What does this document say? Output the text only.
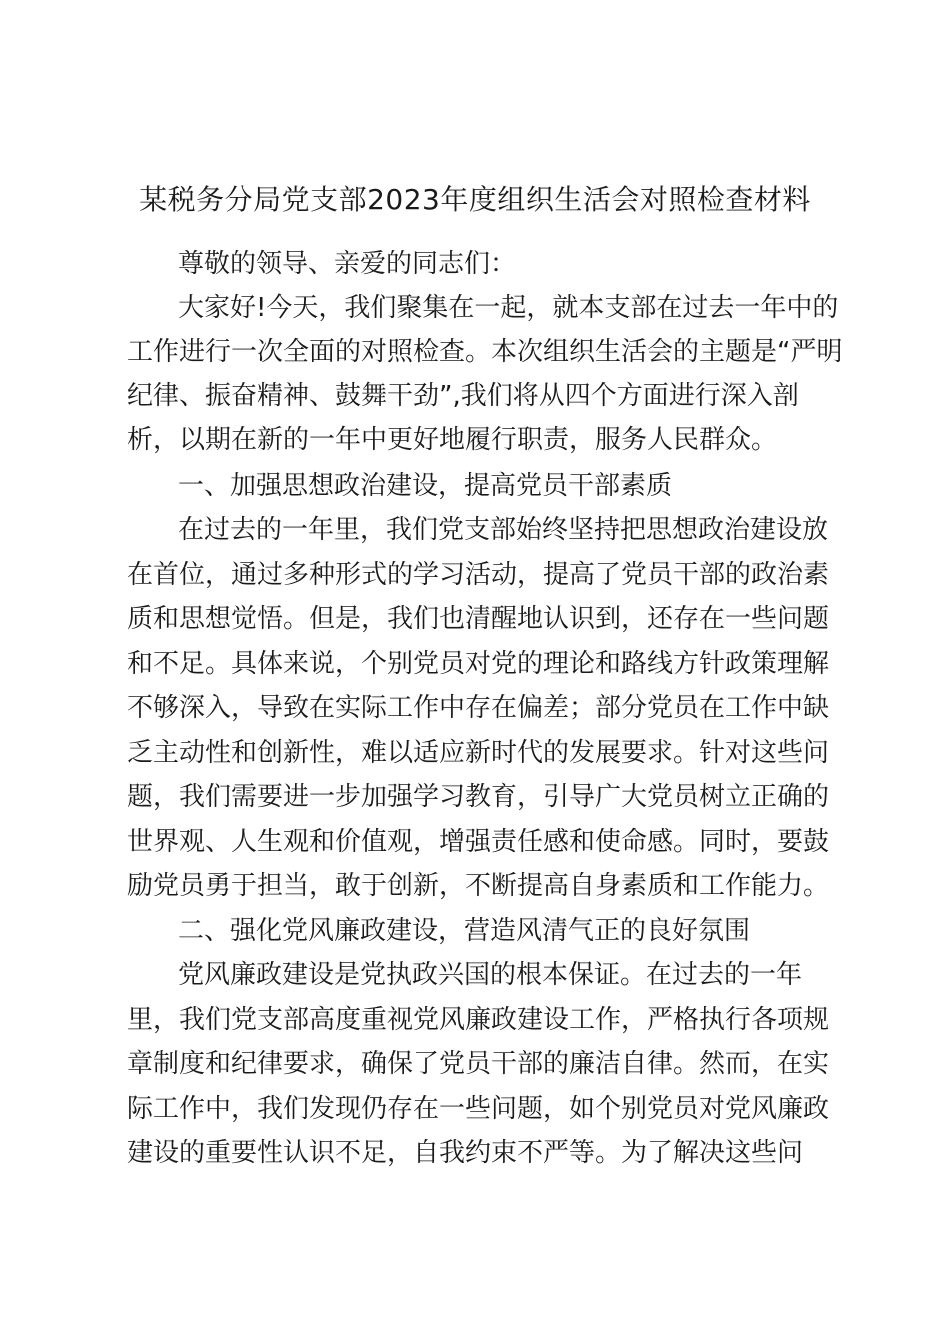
某税务分局党支部2023年度组织生活会对照检查材料
尊敬的领导、亲爱的同志们：
大家好!今天，我们聚集在一起，就本支部在过去一年中的
工作进行一次全面的对照检查。本次组织生活会的主题是“严明
纪律、振奋精神、鼓舞干劲”,我们将从四个方面进行深入剖
析，以期在新的一年中更好地履行职责，服务人民群众。
一、加强思想政治建设，提高党员干部素质
在过去的一年里，我们党支部始终坚持把思想政治建设放
在首位，通过多种形式的学习活动，提高了党员干部的政治素
质和思想觉悟。但是，我们也清醒地认识到，还存在一些问题
和不足。具体来说，个别党员对党的理论和路线方针政策理解
不够深入，导致在实际工作中存在偏差；部分党员在工作中缺
乏主动性和创新性，难以适应新时代的发展要求。针对这些问
题，我们需要进一步加强学习教育，引导广大党员树立正确的
世界观、人生观和价值观，增强责任感和使命感。同时，要鼓
励党员勇于担当，敢于创新，不断提高自身素质和工作能力。
二、强化党风廉政建设，营造风清气正的良好氛围
党风廉政建设是党执政兴国的根本保证。在过去的一年
里，我们党支部高度重视党风廉政建设工作，严格执行各项规
章制度和纪律要求，确保了党员干部的廉洁自律。然而，在实
际工作中，我们发现仍存在一些问题，如个别党员对党风廉政
建设的重要性认识不足，自我约束不严等。为了解决这些问
